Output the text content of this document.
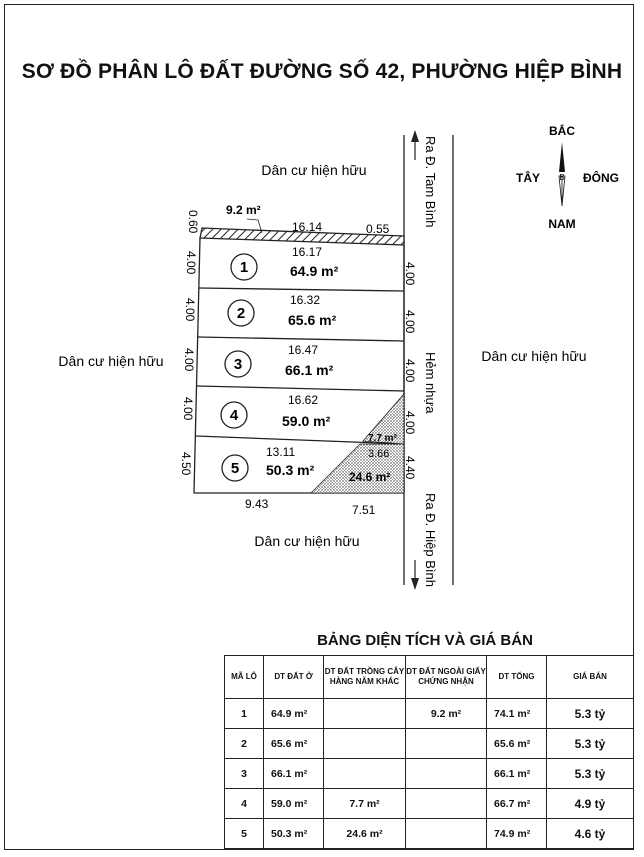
SƠ ĐỒ PHÂN LÔ ĐẤT ĐƯỜNG SỐ 42, PHƯỜNG HIỆP BÌNH
BẮC
NAM
TÂY	ĐÔNG
B
Dân cư hiện hữu
Dân cư hiện hữu
Dân cư hiện hữu	Dân cư hiện hữu
Ra Đ. Tam Bình
Hẻm nhựa
Ra Đ. Hiệp Bình
9.2 m²
16.14	0.55
0.60
16.17
16.32
16.47
16.62
13.11
1
2
3
4
5
64.9 m²
65.6 m²
66.1 m²
59.0 m²
50.3 m²
4.00
4.00
4.00
4.00
4.50
4.00
4.00
4.00
4.00
4.40
7.7 m²
3.66
24.6 m²
9.43	7.51
BẢNG DIỆN TÍCH VÀ GIÁ BÁN
MÃ LÔ	DT ĐẤT Ở	DT ĐẤT TRỒNG CÂY HÀNG NĂM KHÁC	DT ĐẤT NGOÀI GIẤY CHỨNG NHẬN	DT TỔNG	GIÁ BÁN
1	64.9 m²		9.2 m²	74.1 m²	5.3 tỷ
2	65.6 m²			65.6 m²	5.3 tỷ
3	66.1 m²			66.1 m²	5.3 tỷ
4	59.0 m²	7.7 m²		66.7 m²	4.9 tỷ
5	50.3 m²	24.6 m²		74.9 m²	4.6 tỷ
